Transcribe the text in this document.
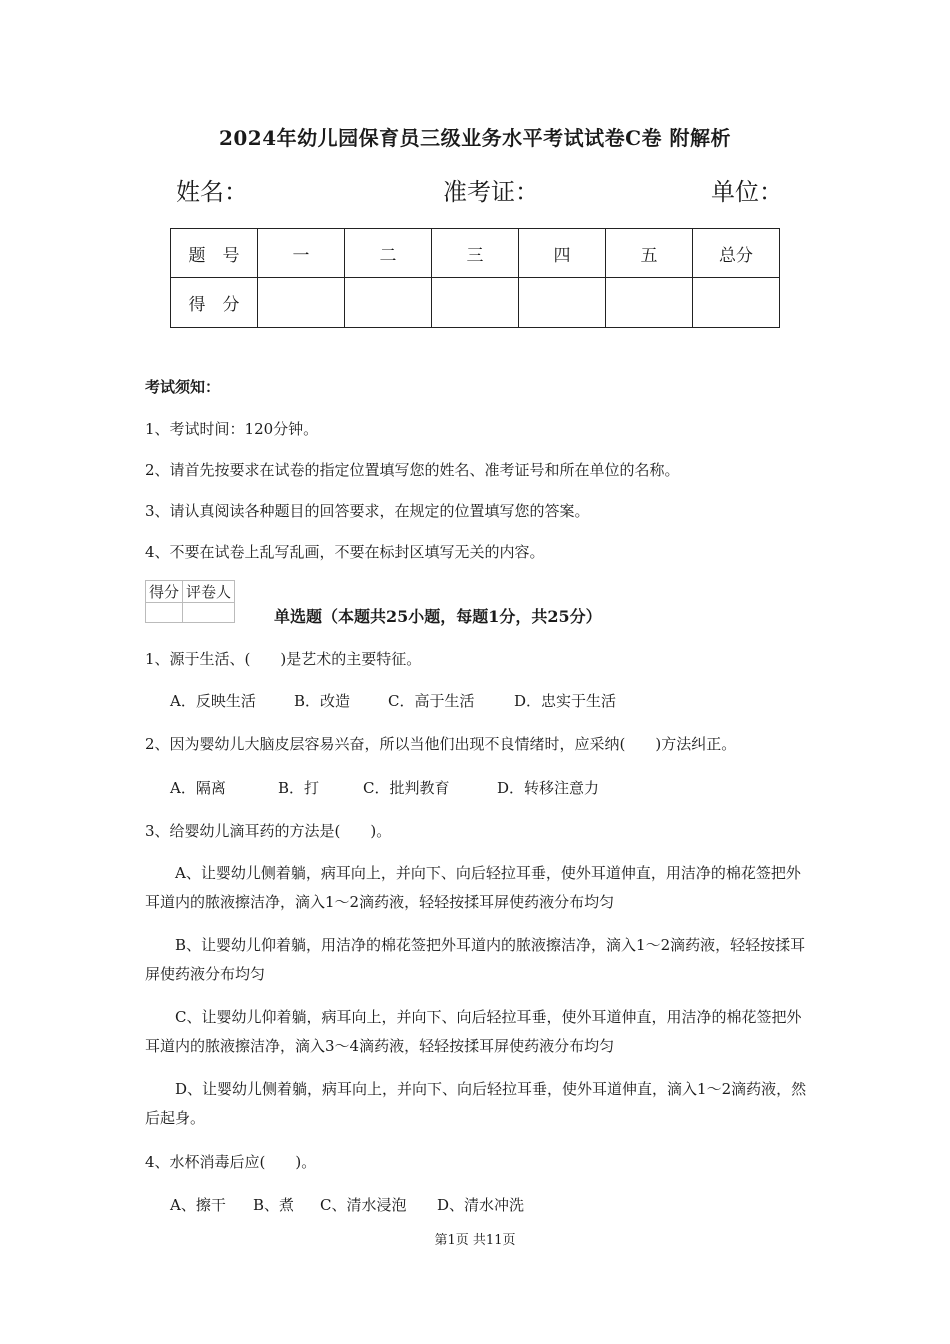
2024年幼儿园保育员三级业务水平考试试卷C卷 附解析
姓名：	准考证：	单位：
题　号	一	二	三	四	五	总分
得　分						
考试须知：
1、考试时间：120分钟。
2、请首先按要求在试卷的指定位置填写您的姓名、准考证号和所在单位的名称。
3、请认真阅读各种题目的回答要求，在规定的位置填写您的答案。
4、不要在试卷上乱写乱画，不要在标封区填写无关的内容。
得分	评卷人

单选题（本题共25小题，每题1分，共25分）
1、源于生活、(　　)是艺术的主要特征。
A．反映生活	B．改造	C．高于生活	D．忠实于生活
2、因为婴幼儿大脑皮层容易兴奋，所以当他们出现不良情绪时，应采纳(　　)方法纠正。
A．隔离	B．打	C．批判教育	D．转移注意力
3、给婴幼儿滴耳药的方法是(　　)。
A、让婴幼儿侧着躺，病耳向上，并向下、向后轻拉耳垂，使外耳道伸直，用洁净的棉花签把外耳道内的脓液擦洁净，滴入1～2滴药液，轻轻按揉耳屏使药液分布均匀
B、让婴幼儿仰着躺，用洁净的棉花签把外耳道内的脓液擦洁净，滴入1～2滴药液，轻轻按揉耳屏使药液分布均匀
C、让婴幼儿仰着躺，病耳向上，并向下、向后轻拉耳垂，使外耳道伸直，用洁净的棉花签把外耳道内的脓液擦洁净，滴入3～4滴药液，轻轻按揉耳屏使药液分布均匀
D、让婴幼儿侧着躺，病耳向上，并向下、向后轻拉耳垂，使外耳道伸直，滴入1～2滴药液，然后起身。
4、水杯消毒后应(　　)。
A、擦干 B、煮 C、清水浸泡 D、清水冲洗
第1页 共11页
